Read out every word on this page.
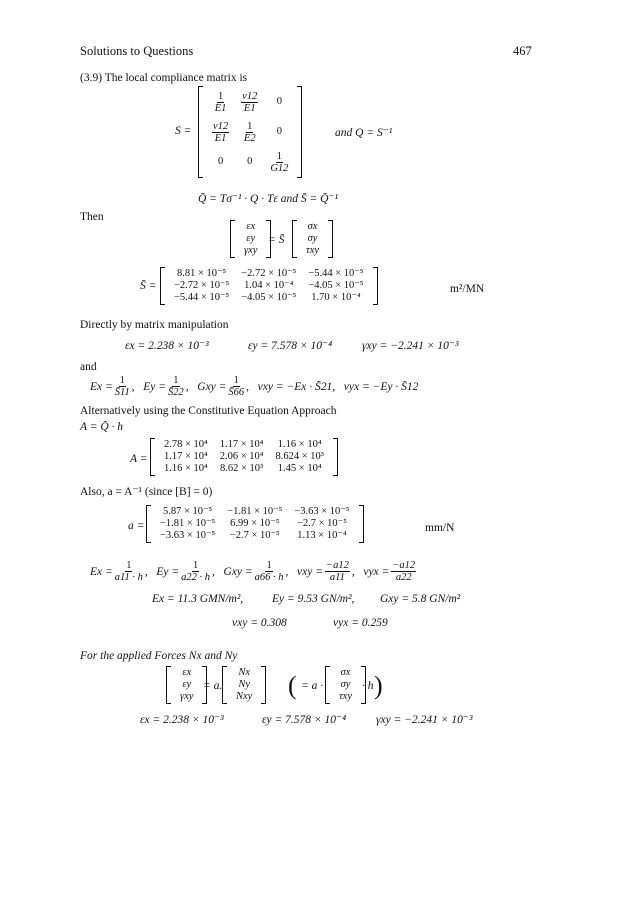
Solutions to Questions	467
(3.9) The local compliance matrix is
S =
$\frac{1}{E1}$	$\frac{\nu 12}{E1}$	0

$\frac{\nu 12}{E1}$	$\frac{1}{E2}$	0
0	0	$\frac{1}{G12}$
and Q = S⁻¹
Q̄ = Tσ⁻¹ · Q · Tε and S̄ = Q̄⁻¹
Then
εx
εy
γxy
= S̄
σx
σy
τxy
S̄ =
8.81 × 10⁻⁵	−2.72 × 10⁻⁵	−5.44 × 10⁻⁵
−2.72 × 10⁻⁵	1.04 × 10⁻⁴	−4.05 × 10⁻⁵
−5.44 × 10⁻⁵	−4.05 × 10⁻⁵	1.70 × 10⁻⁴
m²/MN
Directly by matrix manipulation
εx = 2.238 × 10⁻³	εy = 7.578 × 10⁻⁴	γxy = −2.241 × 10⁻³
and
$Ex = \frac{1}{S̄11}$ , $Ey = \frac{1}{S̄22}$ , Gxy = $\frac{1}{S̄66}$ , vxy = −Ex · S̄21,
vyx = −Ey · S̄12
Alternatively using the Constitutive Equation Approach
A = Q̄ · h
A =
2.78 × 10⁴	1.17 × 10⁴	1.16 × 10⁴
1.17 × 10⁴	2.06 × 10⁴	8.624 × 10³
1.16 × 10⁴	8.62 × 10³	1.45 × 10⁴
Also, a = A⁻¹ (since [B] = 0)
a =
5.87 × 10⁻⁵	−1.81 × 10⁻⁵	−3.63 × 10⁻⁵
−1.81 × 10⁻⁵	6.99 × 10⁻⁵	−2.7 × 10⁻⁵
−3.63 × 10⁻⁵	−2.7 × 10⁻⁵	1.13 × 10⁻⁴
mm/N
$Ex = \frac{1}{a11 \cdot h}$ , $Ey = \frac{1}{a22 \cdot h}$ , Gxy = $\frac{1}{a66 \cdot h}$ , vxy = $\frac{-a12}{a11}$ , vyx = $\frac{-a12}{a22}$
Ex = 11.3 GMN/m²,	Ey = 9.53 GN/m², Gxy = 5.8 GN/m²
vxy = 0.308	vyx = 0.259
For the applied Forces Nx and Ny
εx
εy
γxy
= a.
Nx
Ny
Nxy ( = a ·
σx
σy
τxy
· h )
εx = 2.238 × 10⁻³	εy = 7.578 × 10⁻⁴	γxy = −2.241 × 10⁻³
